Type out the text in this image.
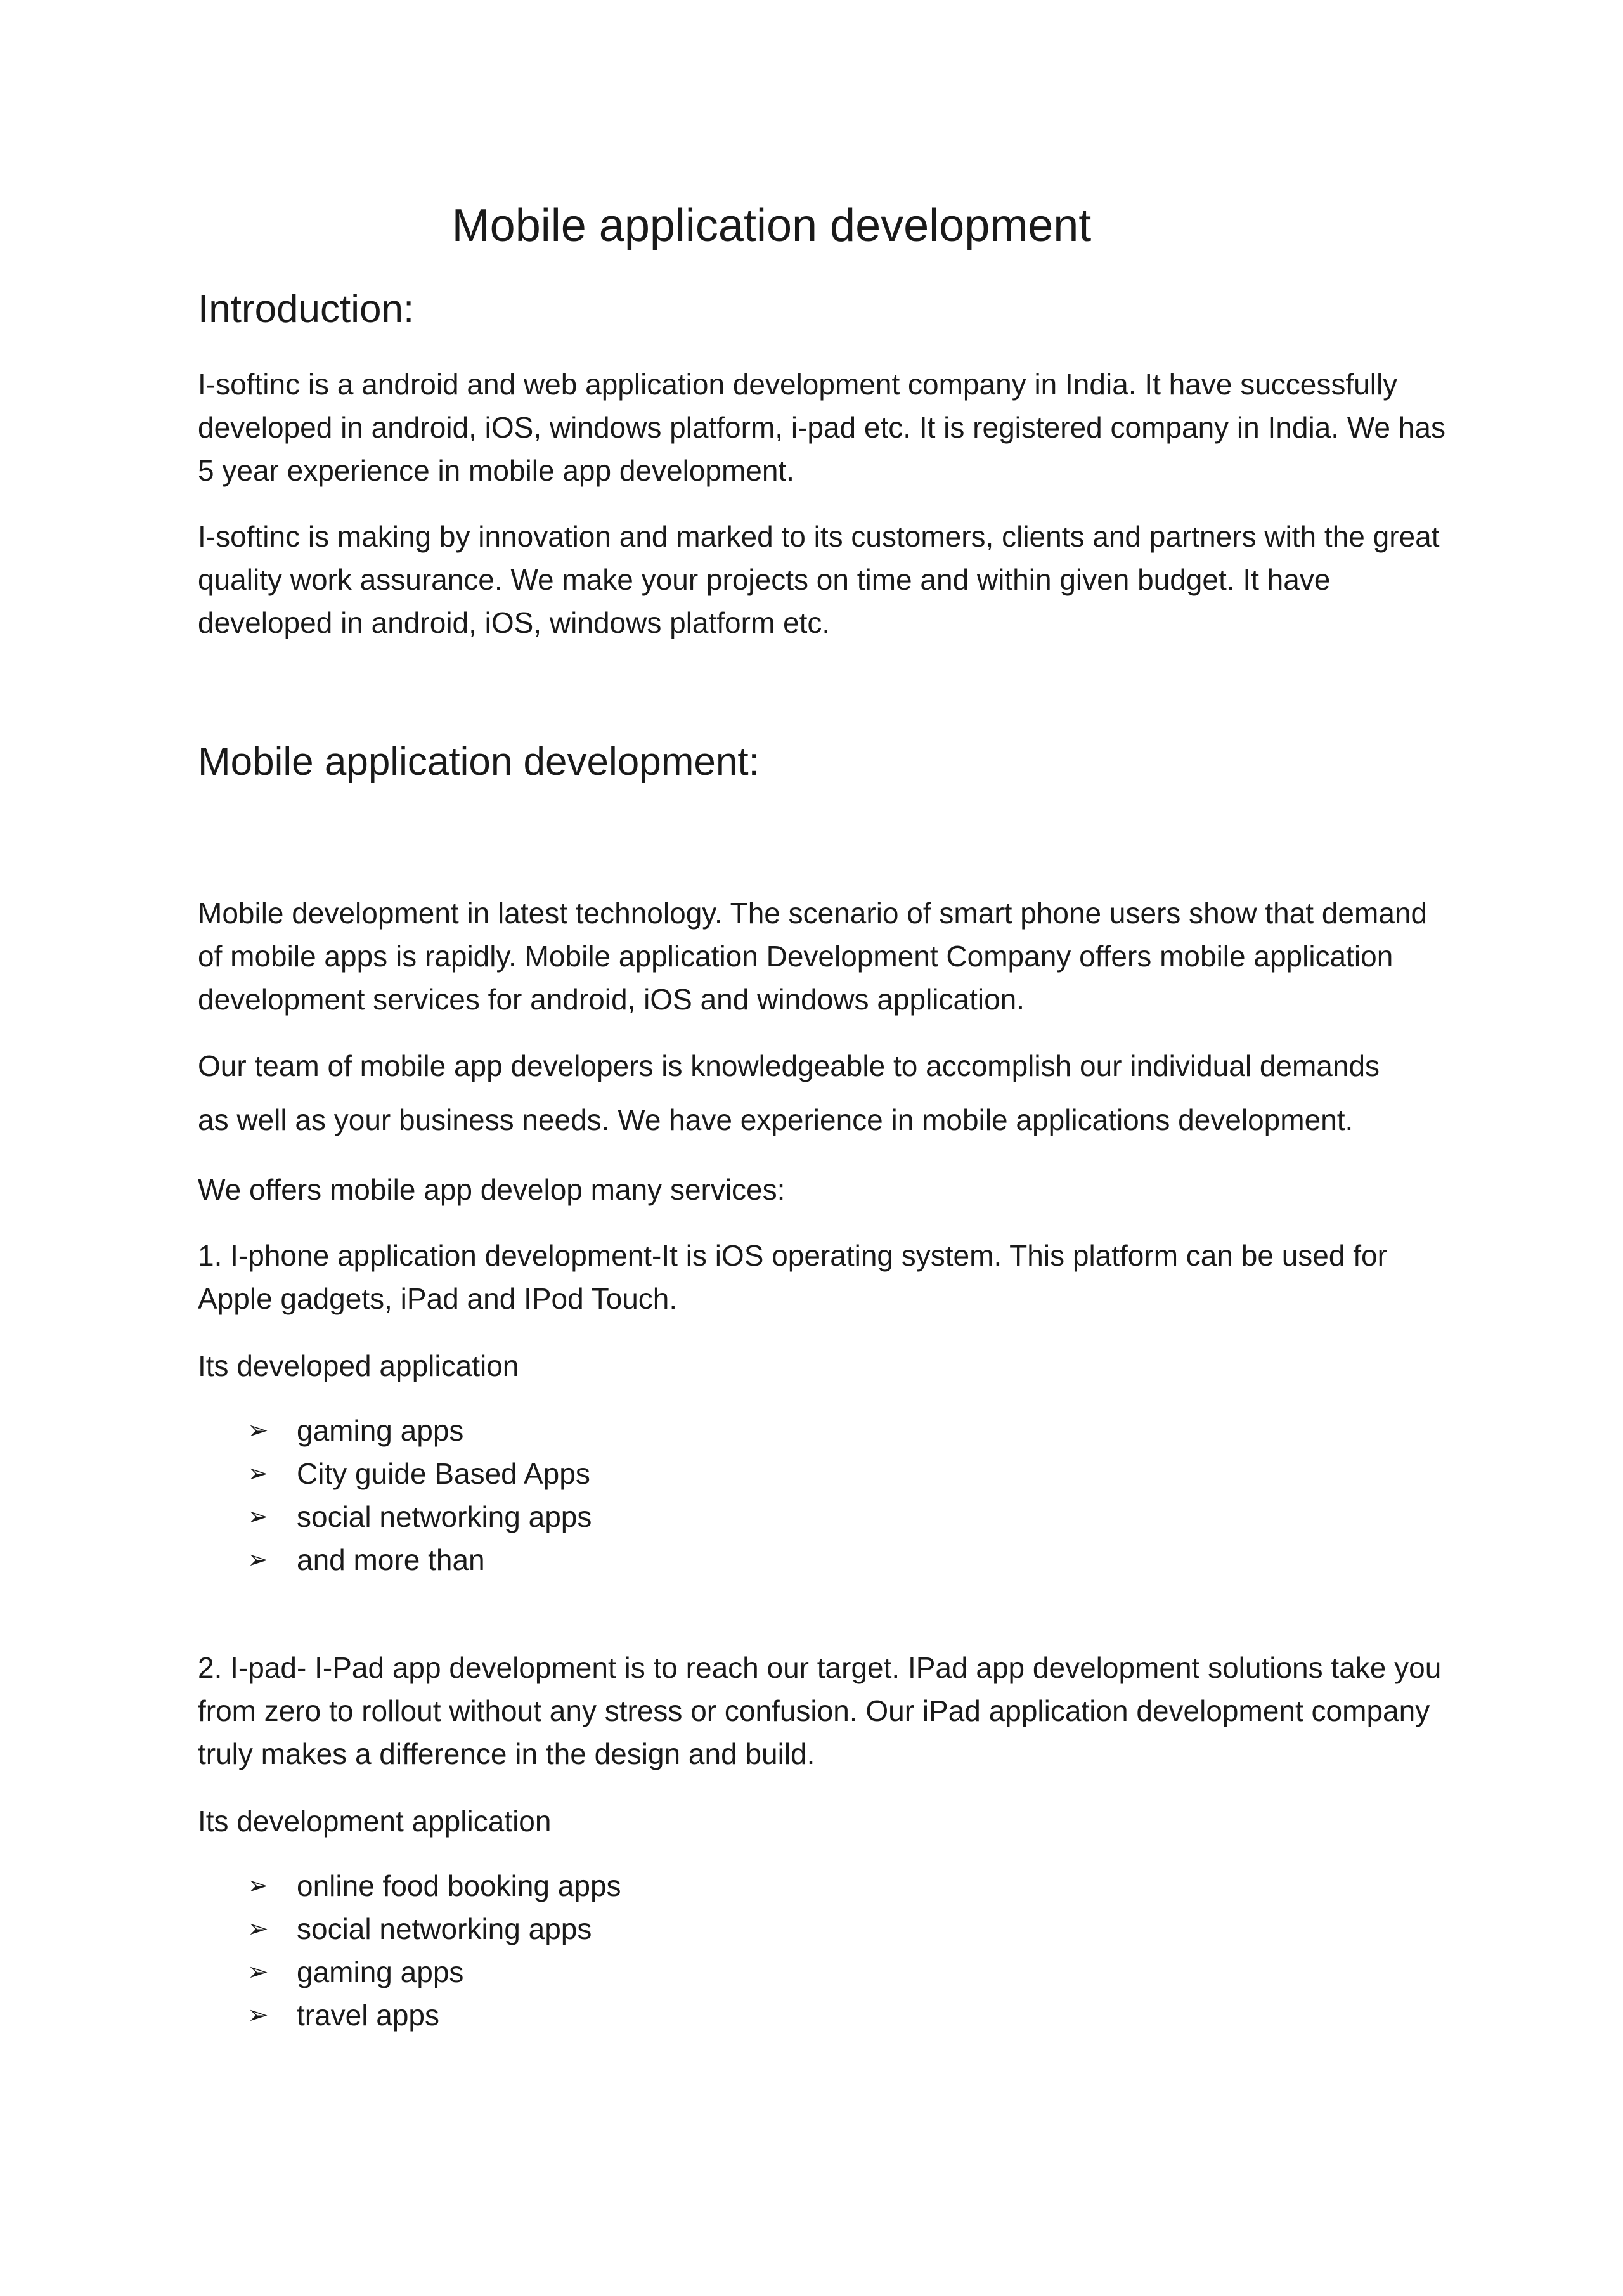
Mobile application development
Introduction:

I-softinc is a android and web application development company in India. It have successfully developed in android, iOS, windows platform, i-pad etc. It is registered company in India. We has 5 year experience in mobile app development.

I-softinc is making by innovation and marked to its customers, clients and partners with the great quality work assurance. We make your projects on time and within given budget. It have developed in android, iOS, windows platform etc.

Mobile application development:

Mobile development in latest technology. The scenario of smart phone users show that demand of mobile apps is rapidly. Mobile application Development Company offers mobile application development services for android, iOS and windows application.

Our team of mobile app developers is knowledgeable to accomplish our individual demands

as well as your business needs. We have experience in mobile applications development.

We offers mobile app develop many services:

1. I-phone application development-It is iOS operating system. This platform can be used for Apple gadgets, iPad and IPod Touch.

Its developed application

➢ gaming apps
➢ City guide Based Apps
➢ social networking apps
➢ and more than

2. I-pad- I-Pad app development is to reach our target. IPad app development solutions take you from zero to rollout without any stress or confusion. Our iPad application development company truly makes a difference in the design and build.

Its development application

➢ online food booking apps
➢ social networking apps
➢ gaming apps
➢ travel apps
